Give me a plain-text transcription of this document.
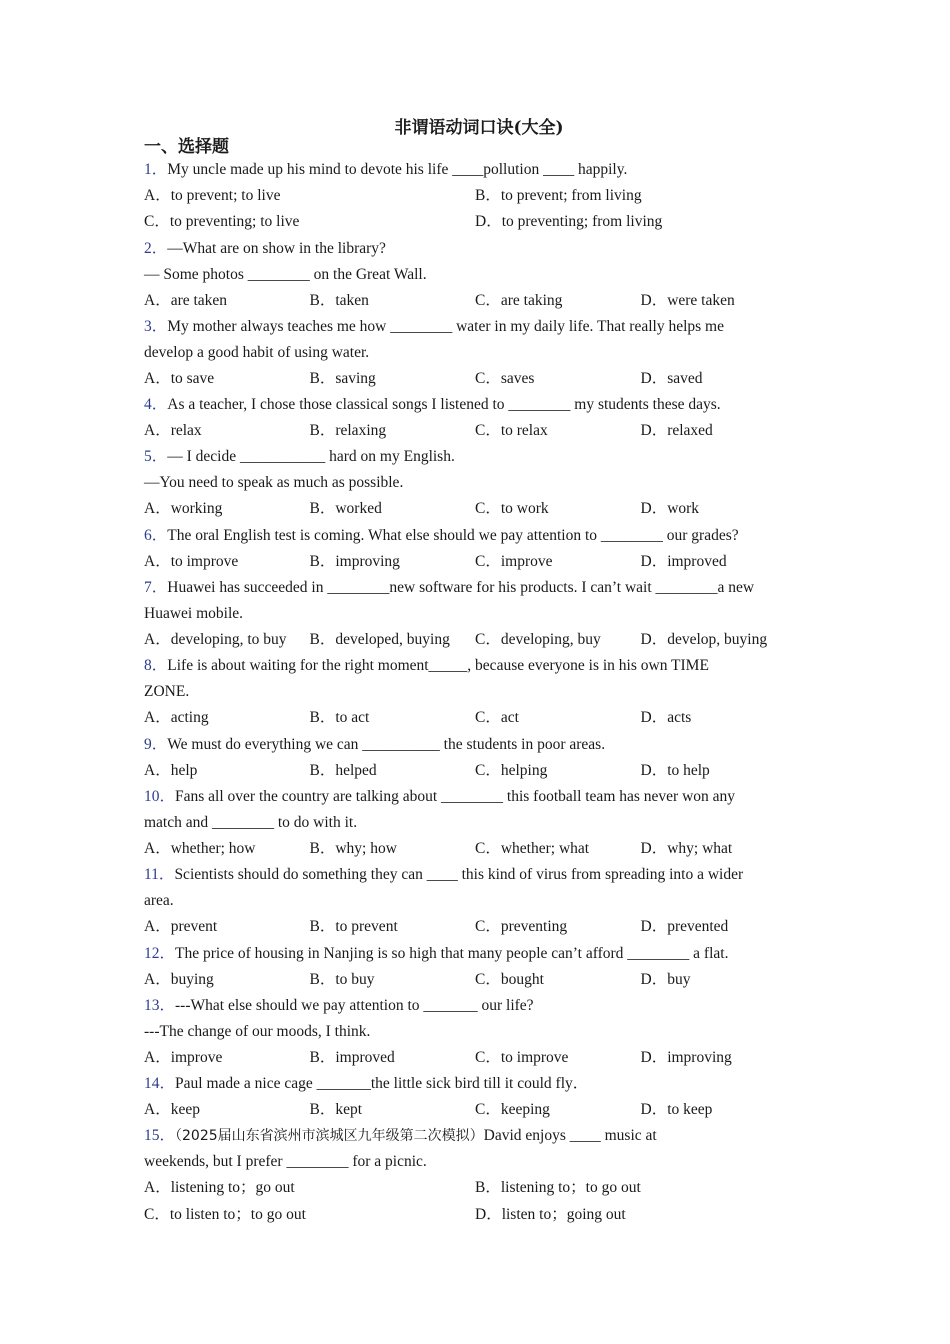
非谓语动词口诀(大全)
一、选择题
1．My uncle made up his mind to devote his life ____pollution ____ happily.
A．to prevent; to live	B．to prevent; from living
C．to preventing; to live	D．to preventing; from living
2．—What are on show in the library?
— Some photos ________ on the Great Wall.
A．are taken	B．taken	C．are taking	D．were taken
3．My mother always teaches me how ________ water in my daily life. That really helps me
develop a good habit of using water.
A．to save	B．saving	C．saves	D．saved
4．As a teacher, I chose those classical songs I listened to ________ my students these days.
A．relax	B．relaxing	C．to relax	D．relaxed
5．— I decide ___________ hard on my English.
—You need to speak as much as possible.
A．working	B．worked	C．to work	D．work
6．The oral English test is coming. What else should we pay attention to ________ our grades?
A．to improve	B．improving	C．improve	D．improved
7．Huawei has succeeded in ________new software for his products. I can’t wait ________a new
Huawei mobile.
A．developing, to buy	B．developed, buying	C．developing, buy	D．develop, buying
8．Life is about waiting for the right moment_____, because everyone is in his own TIME
ZONE.
A．acting	B．to act	C．act	D．acts
9．We must do everything we can __________ the students in poor areas.
A．help	B．helped	C．helping	D．to help
10．Fans all over the country are talking about ________ this football team has never won any
match and ________ to do with it.
A．whether; how	B．why; how	C．whether; what	D．why; what
11．Scientists should do something they can ____ this kind of virus from spreading into a wider
area.
A．prevent	B．to prevent	C．preventing	D．prevented
12．The price of housing in Nanjing is so high that many people can’t afford ________ a flat.
A．buying	B．to buy	C．bought	D．buy
13．---What else should we pay attention to _______ our life?
---The change of our moods, I think.
A．improve	B．improved	C．to improve	D．improving
14．Paul made a nice cage _______the little sick bird till it could fly．
A．keep	B．kept	C．keeping	D．to keep
15．（2025届山东省滨州市滨城区九年级第二次模拟）David enjoys ____ music at
weekends, but I prefer ________ for a picnic.
A．listening to；go out	B．listening to；to go out
C．to listen to；to go out	D．listen to；going out
